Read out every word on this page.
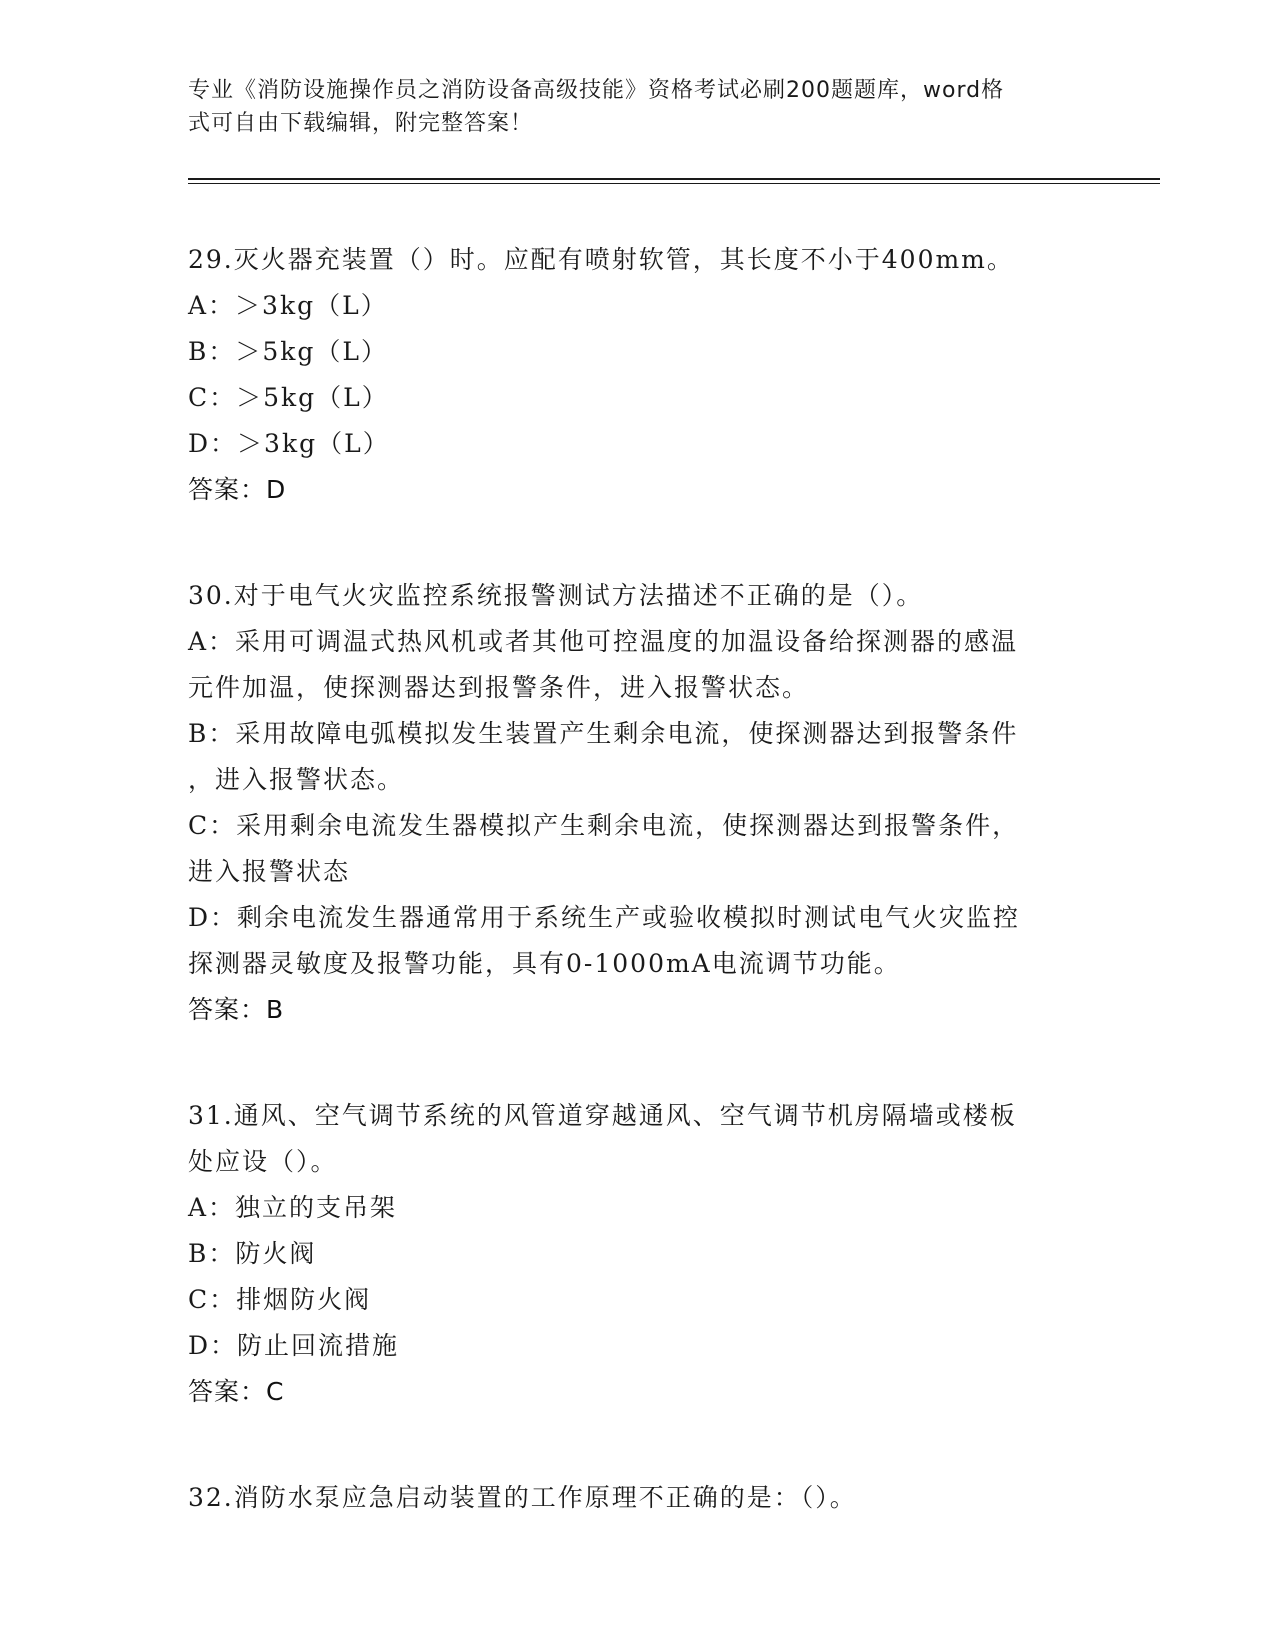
专业《消防设施操作员之消防设备高级技能》资格考试必刷200题题库，word格
式可自由下载编辑，附完整答案！
29.灭火器充装置（）时。应配有喷射软管，其长度不小于400mm。
A：＞3kg（L）
B：＞5kg（L）
C：＞5kg（L）
D：＞3kg（L）
答案：D
30.对于电气火灾监控系统报警测试方法描述不正确的是（）。
A：采用可调温式热风机或者其他可控温度的加温设备给探测器的感温
元件加温，使探测器达到报警条件，进入报警状态。
B：采用故障电弧模拟发生装置产生剩余电流，使探测器达到报警条件
，进入报警状态。
C：采用剩余电流发生器模拟产生剩余电流，使探测器达到报警条件，
进入报警状态
D：剩余电流发生器通常用于系统生产或验收模拟时测试电气火灾监控
探测器灵敏度及报警功能，具有0-1000mA电流调节功能。
答案：B
31.通风、空气调节系统的风管道穿越通风、空气调节机房隔墙或楼板
处应设（）。
A：独立的支吊架
B：防火阀
C：排烟防火阀
D：防止回流措施
答案：C
32.消防水泵应急启动装置的工作原理不正确的是：（）。
